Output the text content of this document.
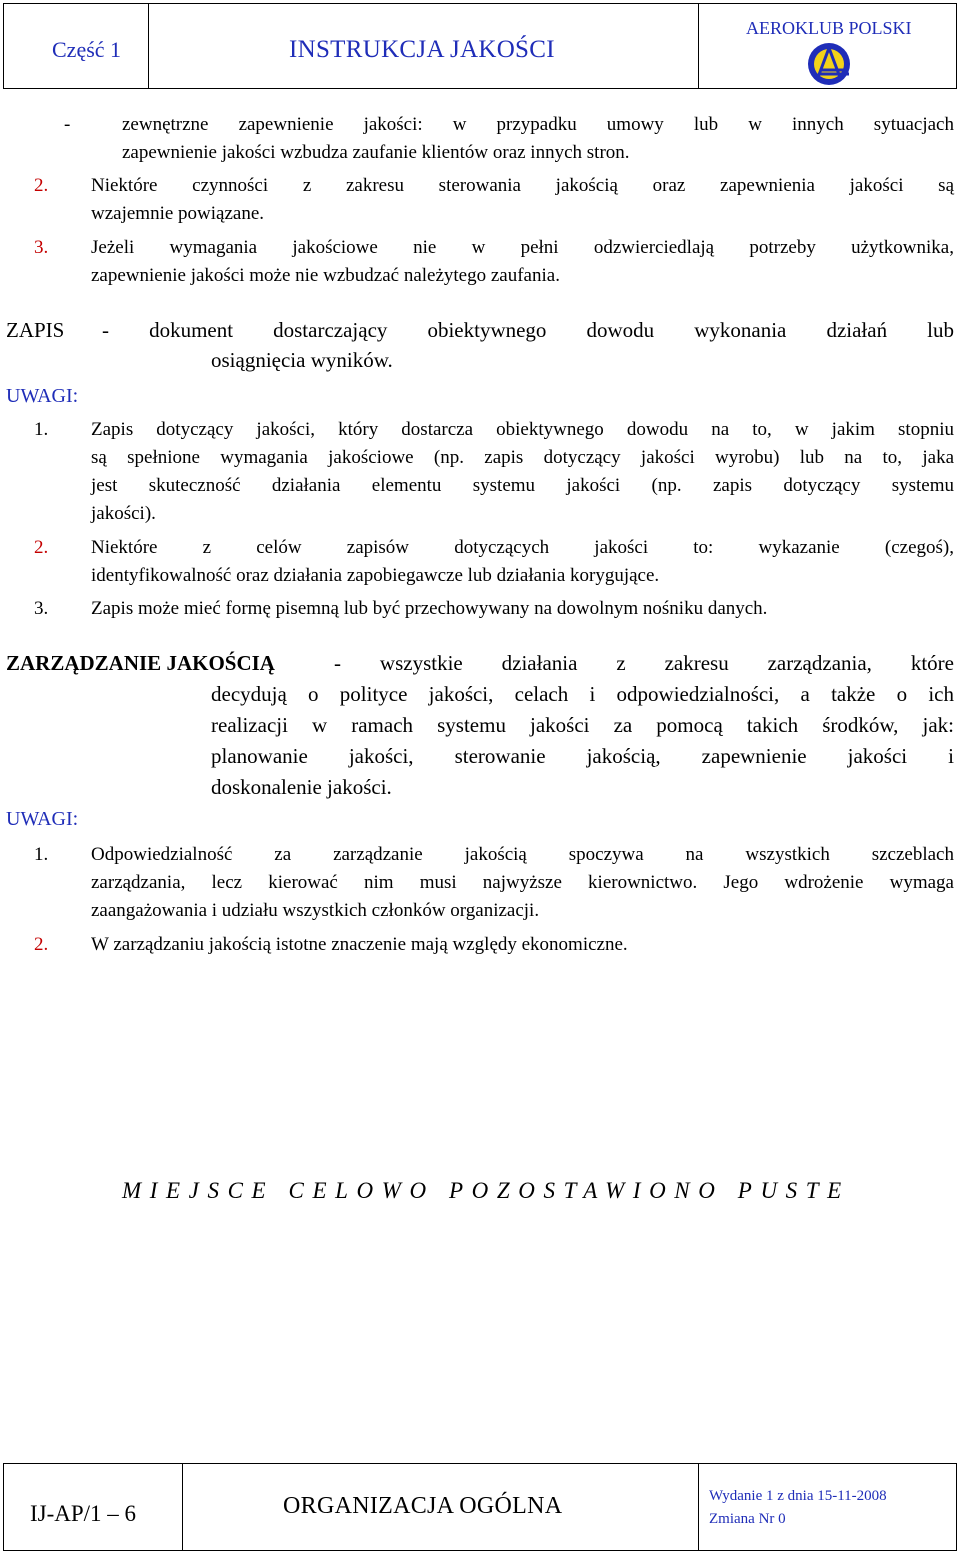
Część 1	INSTRUKCJA JAKOŚCI
AEROKLUB POLSKI
-	zewnętrzne zapewnienie jakości: w przypadku umowy lub w innych sytuacjach
zapewnienie jakości wzbudza zaufanie klientów oraz innych stron.
2. Niektóre czynności z zakresu sterowania jakością oraz zapewnienia jakości są
wzajemnie powiązane.
3. Jeżeli wymagania jakościowe nie w pełni odzwierciedlają potrzeby użytkownika,
zapewnienie jakości może nie wzbudzać należytego zaufania.
ZAPIS - dokument dostarczający obiektywnego dowodu wykonania działań lub
osiągnięcia wyników.
UWAGI:
1. Zapis dotyczący jakości, który dostarcza obiektywnego dowodu na to, w jakim stopniu
są spełnione wymagania jakościowe (np. zapis dotyczący jakości wyrobu) lub na to, jaka
jest skuteczność działania elementu systemu jakości (np. zapis dotyczący systemu
jakości).
2. Niektóre z celów zapisów dotyczących jakości to: wykazanie (czegoś),
identyfikowalność oraz działania zapobiegawcze lub działania korygujące.
3. Zapis może mieć formę pisemną lub być przechowywany na dowolnym nośniku danych.
ZARZĄDZANIE JAKOŚCIĄ	- wszystkie działania z zakresu zarządzania, które
decydują o polityce jakości, celach i odpowiedzialności, a także o ich
realizacji w ramach systemu jakości za pomocą takich środków, jak:
planowanie jakości, sterowanie jakością, zapewnienie jakości i
doskonalenie jakości.
UWAGI:
1. Odpowiedzialność za zarządzanie jakością spoczywa na wszystkich szczeblach
zarządzania, lecz kierować nim musi najwyższe kierownictwo. Jego wdrożenie wymaga
zaangażowania i udziału wszystkich członków organizacji.
2. W zarządzaniu jakością istotne znaczenie mają względy ekonomiczne.
MIEJSCE CELOWO POZOSTAWIONO PUSTE
IJ-AP/1 – 6	ORGANIZACJA OGÓLNA	Wydanie 1 z dnia 15-11-2008
Zmiana Nr 0
